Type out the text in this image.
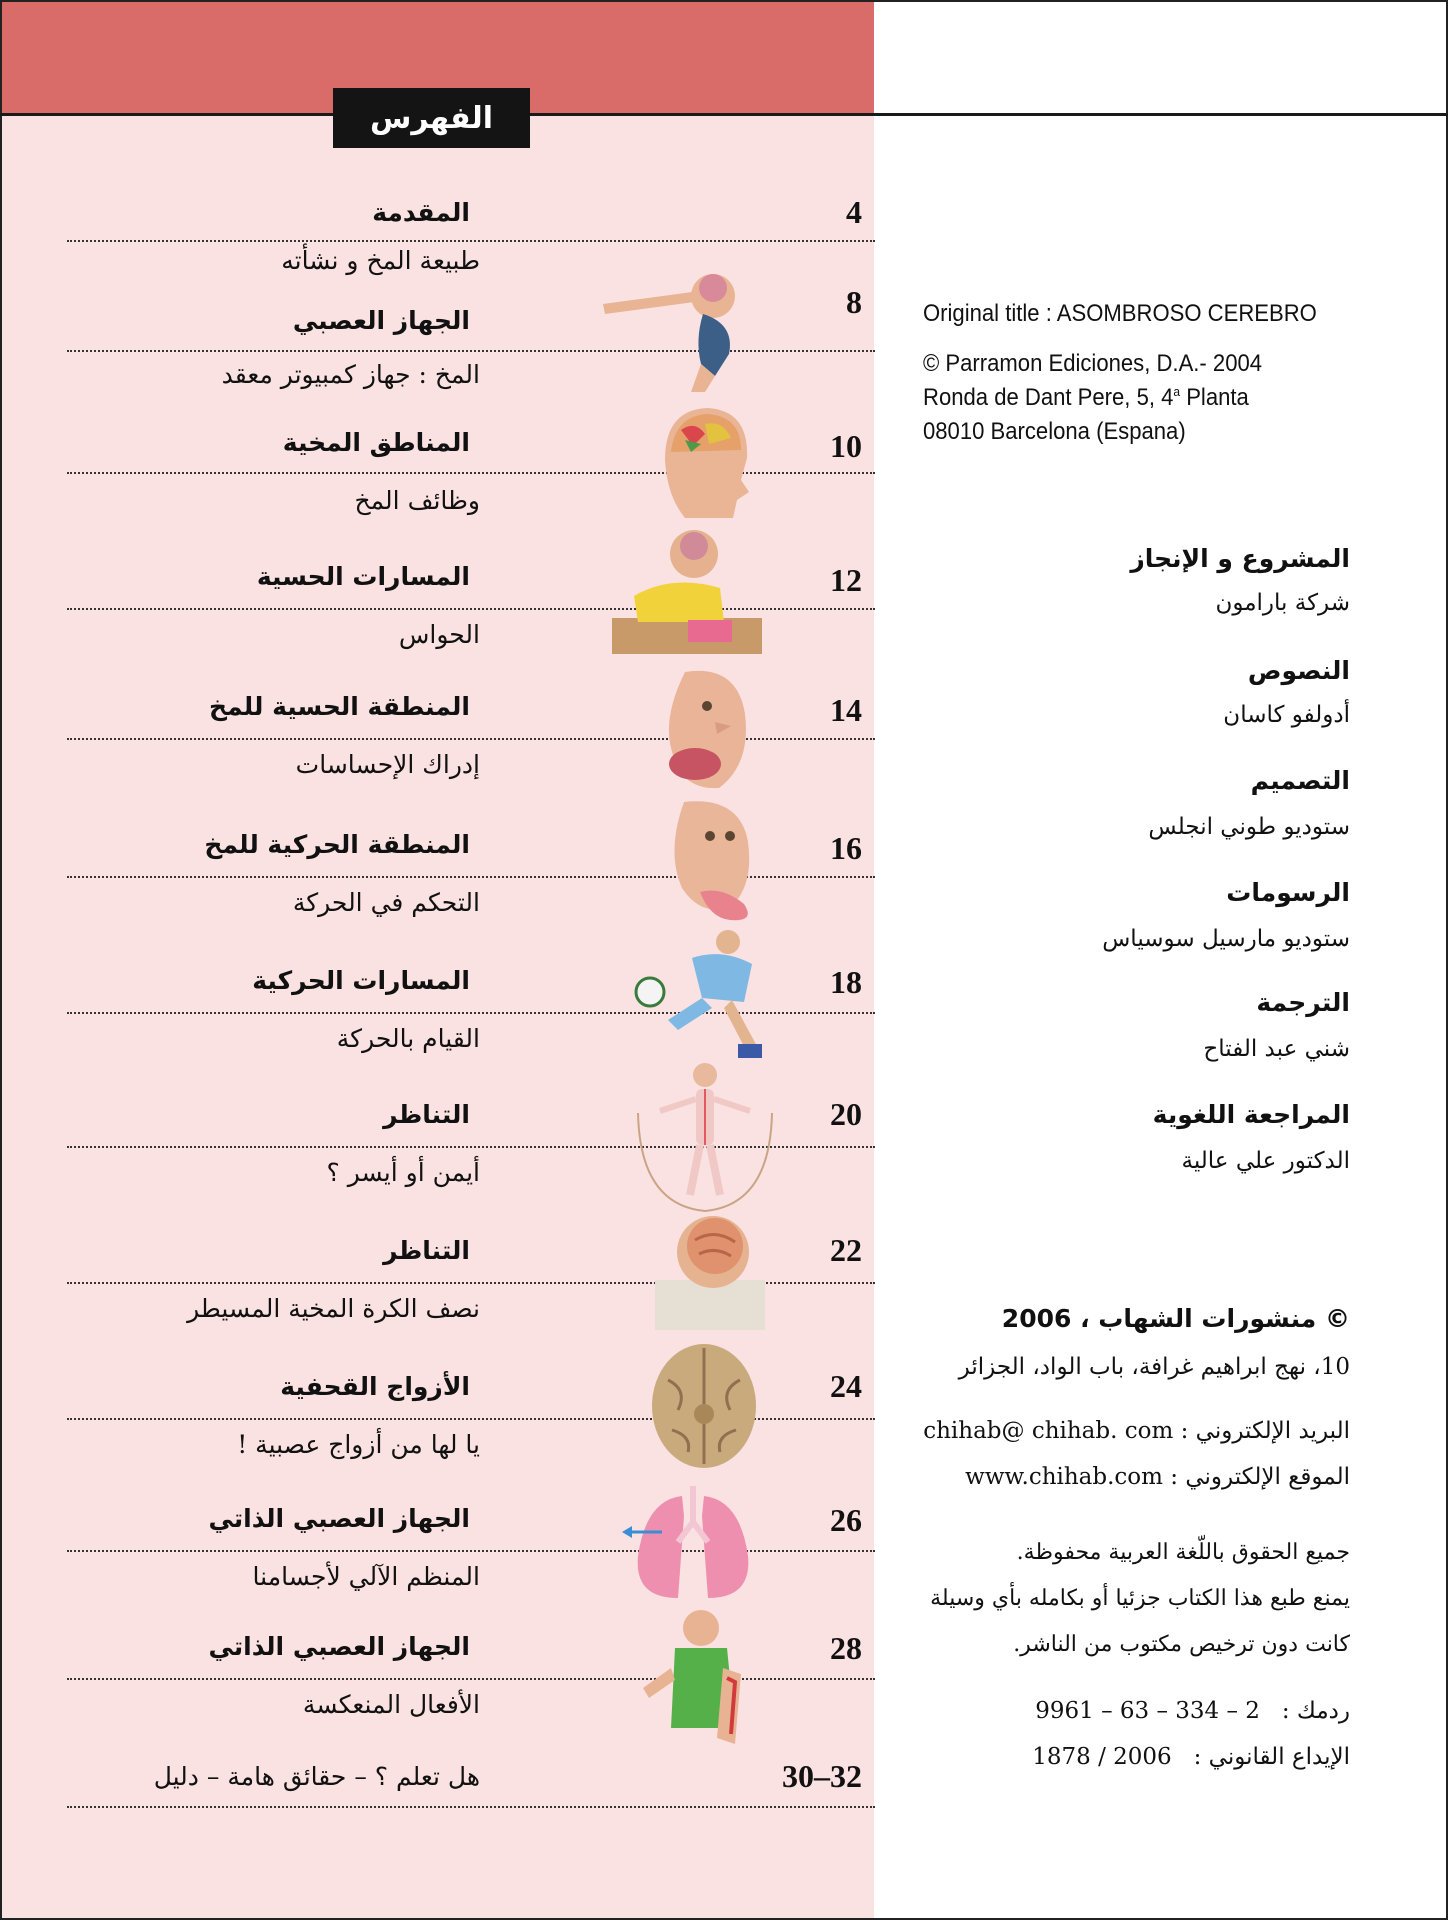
الفهرس
4
المقدمة
طبيعة المخ و نشأته
8
الجهاز العصبي
المخ : جهاز كمبيوتر معقد
10
المناطق المخية
وظائف المخ
12
المسارات الحسية
الحواس
14
المنطقة الحسية للمخ
إدراك الإحساسات
16
المنطقة الحركية للمخ
التحكم في الحركة
18
المسارات الحركية
القيام بالحركة
20
التناظر
أيمن أو أيسر ؟
22
التناظر
نصف الكرة المخية المسيطر
24
الأزواج القحفية
يا لها من أزواج عصبية !
26
الجهاز العصبي الذاتي
المنظم الآلي لأجسامنا
28
الجهاز العصبي الذاتي
الأفعال المنعكسة
30–32
هل تعلم ؟ – حقائق هامة – دليل
Original title : ASOMBROSO CEREBRO
© Parramon Ediciones, D.A.- 2004
Ronda de Dant Pere, 5, 4$^a$ Planta
08010 Barcelona (Espana)
المشروع و الإنجاز
شركة بارامون
النصوص
أدولفو كاسان
التصميم
ستوديو طوني انجلس
الرسومات
ستوديو مارسيل سوسياس
الترجمة
شني عبد الفتاح
المراجعة اللغوية
الدكتور علي عالية
© منشورات الشهاب ، 2006
10، نهج ابراهيم غرافة، باب الواد، الجزائر
البريد الإلكتروني : chihab@ chihab. com
الموقع الإلكتروني : www.chihab.com
جميع الحقوق باللّغة العربية محفوظة.
يمنع طبع هذا الكتاب جزئيا أو بكامله بأي وسيلة
كانت دون ترخيص مكتوب من الناشر.
ردمك :   9961 – 63 – 334 – 2
الإيداع القانوني :   1878 / 2006
